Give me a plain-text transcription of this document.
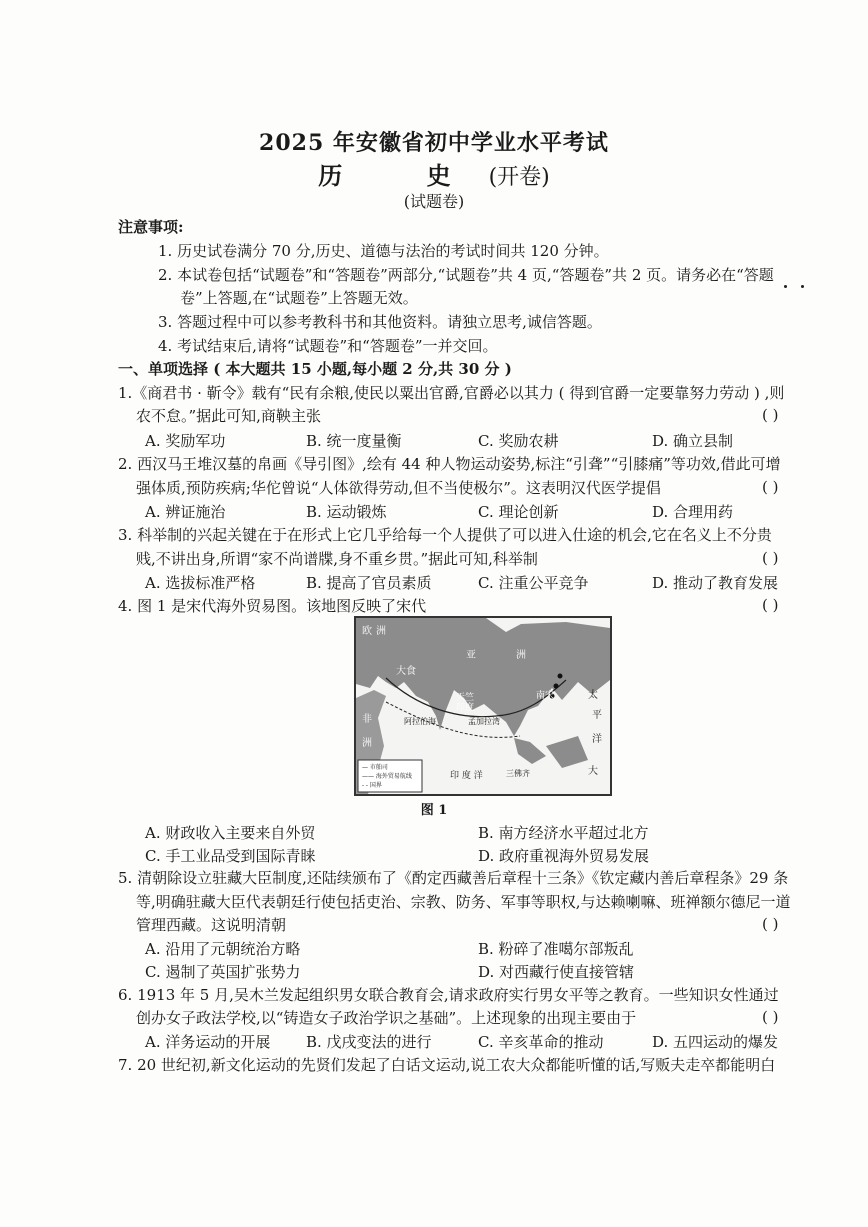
2025 年安徽省初中学业水平考试
历 史(开卷)
(试题卷)
注意事项:
1. 历史试卷满分 70 分,历史、道德与法治的考试时间共 120 分钟。
2. 本试卷包括“试题卷”和“答题卷”两部分,“试题卷”共 4 页,“答题卷”共 2 页。请务必在“答题
卷”上答题,在“试题卷”上答题无效。
3. 答题过程中可以参考教科书和其他资料。请独立思考,诚信答题。
4. 考试结束后,请将“试题卷”和“答题卷”一并交回。
一、单项选择 ( 本大题共 15 小题,每小题 2 分,共 30 分 )
1.《商君书 · 靳令》载有“民有余粮,使民以粟出官爵,官爵必以其力 ( 得到官爵一定要靠努力劳动 ) ,则
农不怠。”据此可知,商鞅主张	( )
A. 奖励军功	B. 统一度量衡	C. 奖励农耕	D. 确立县制
2. 西汉马王堆汉墓的帛画《导引图》,绘有 44 种人物运动姿势,标注“引聋”“引膝痛”等功效,借此可增
强体质,预防疾病;华佗曾说“人体欲得劳动,但不当使极尔”。这表明汉代医学提倡	( )
A. 辨证施治	B. 运动锻炼	C. 理论创新	D. 合理用药
3. 科举制的兴起关键在于在形式上它几乎给每一个人提供了可以进入仕途的机会,它在名义上不分贵
贱,不讲出身,所谓“家不尚谱牒,身不重乡贯。”据此可知,科举制	( )
A. 选拔标准严格	B. 提高了官员素质	C. 注重公平竞争	D. 推动了教育发展
4. 图 1 是宋代海外贸易图。该地图反映了宋代	( )
欧 洲
大食
亚	洲
天竺
印度
阿拉伯海	孟加拉湾
南宋	太
平
洋
非
洲
印 度 洋	三佛齐	大
— 市舶司
—— 海外贸易航线
- - 国界
图 1
A. 财政收入主要来自外贸	B. 南方经济水平超过北方
C. 手工业品受到国际青睐	D. 政府重视海外贸易发展
5. 清朝除设立驻藏大臣制度,还陆续颁布了《酌定西藏善后章程十三条》《钦定藏内善后章程条》29 条
等,明确驻藏大臣代表朝廷行使包括吏治、宗教、防务、军事等职权,与达赖喇嘛、班禅额尔德尼一道
管理西藏。这说明清朝	( )
A. 沿用了元朝统治方略	B. 粉碎了准噶尔部叛乱
C. 遏制了英国扩张势力	D. 对西藏行使直接管辖
6. 1913 年 5 月,吴木兰发起组织男女联合教育会,请求政府实行男女平等之教育。一些知识女性通过
创办女子政法学校,以“铸造女子政治学识之基础”。上述现象的出现主要由于	( )
A. 洋务运动的开展 B. 戊戌变法的进行	C. 辛亥革命的推动	D. 五四运动的爆发
7. 20 世纪初,新文化运动的先贤们发起了白话文运动,说工农大众都能听懂的话,写贩夫走卒都能明白
